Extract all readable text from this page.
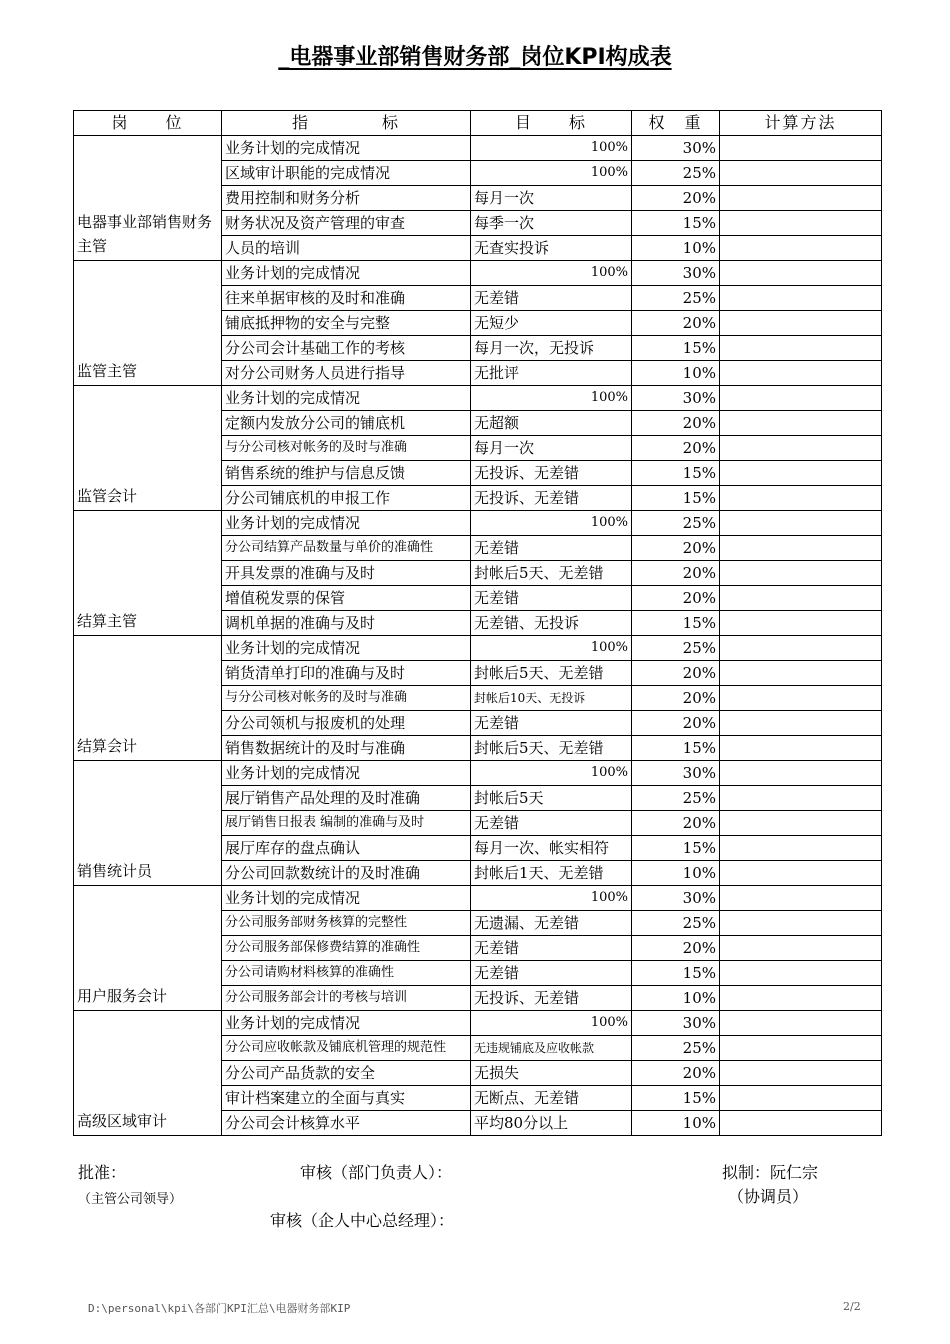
_电器事业部销售财务部_岗位KPI构成表
岗　　位	指　　　　标	目　　标	权　重	计算方法
电器事业部销售财务主管	业务计划的完成情况	100%	30%	
	区域审计职能的完成情况	100%	25%	
	费用控制和财务分析	每月一次	20%	
	财务状况及资产管理的审查	每季一次	15%	
	人员的培训	无查实投诉	10%	
监管主管	业务计划的完成情况	100%	30%	
	往来单据审核的及时和准确	无差错	25%	
	铺底抵押物的安全与完整	无短少	20%	
	分公司会计基础工作的考核	每月一次，无投诉	15%	
	对分公司财务人员进行指导	无批评	10%	
监管会计	业务计划的完成情况	100%	30%	
	定额内发放分公司的铺底机	无超额	20%	
	与分公司核对帐务的及时与准确	每月一次	20%	
	销售系统的维护与信息反馈	无投诉、无差错	15%	
	分公司铺底机的申报工作	无投诉、无差错	15%	
结算主管	业务计划的完成情况	100%	25%	
	分公司结算产品数量与单价的准确性	无差错	20%	
	开具发票的准确与及时	封帐后5天、无差错	20%	
	增值税发票的保管	无差错	20%	
	调机单据的准确与及时	无差错、无投诉	15%	
结算会计	业务计划的完成情况	100%	25%	
	销货清单打印的准确与及时	封帐后5天、无差错	20%	
	与分公司核对帐务的及时与准确	封帐后10天、无投诉	20%	
	分公司领机与报废机的处理	无差错	20%	
	销售数据统计的及时与准确	封帐后5天、无差错	15%	
销售统计员	业务计划的完成情况	100%	30%	
	展厅销售产品处理的及时准确	封帐后5天	25%	
	展厅销售日报表 编制的准确与及时	无差错	20%	
	展厅库存的盘点确认	每月一次、帐实相符	15%	
	分公司回款数统计的及时准确	封帐后1天、无差错	10%	
用户服务会计	业务计划的完成情况	100%	30%	
	分公司服务部财务核算的完整性	无遗漏、无差错	25%	
	分公司服务部保修费结算的准确性	无差错	20%	
	分公司请购材料核算的准确性	无差错	15%	
	分公司服务部会计的考核与培训	无投诉、无差错	10%	
高级区域审计	业务计划的完成情况	100%	30%	
	分公司应收帐款及铺底机管理的规范性	无违规铺底及应收帐款	25%	
	分公司产品货款的安全	无损失	20%	
	审计档案建立的全面与真实	无断点、无差错	15%	
	分公司会计核算水平	平均80分以上	10%	
批准：
（主管公司领导）
审核（部门负责人）：
审核（企人中心总经理）：
拟制：阮仁宗
（协调员）
D:\personal\kpi\各部门KPI汇总\电器财务部KIP	2/2
